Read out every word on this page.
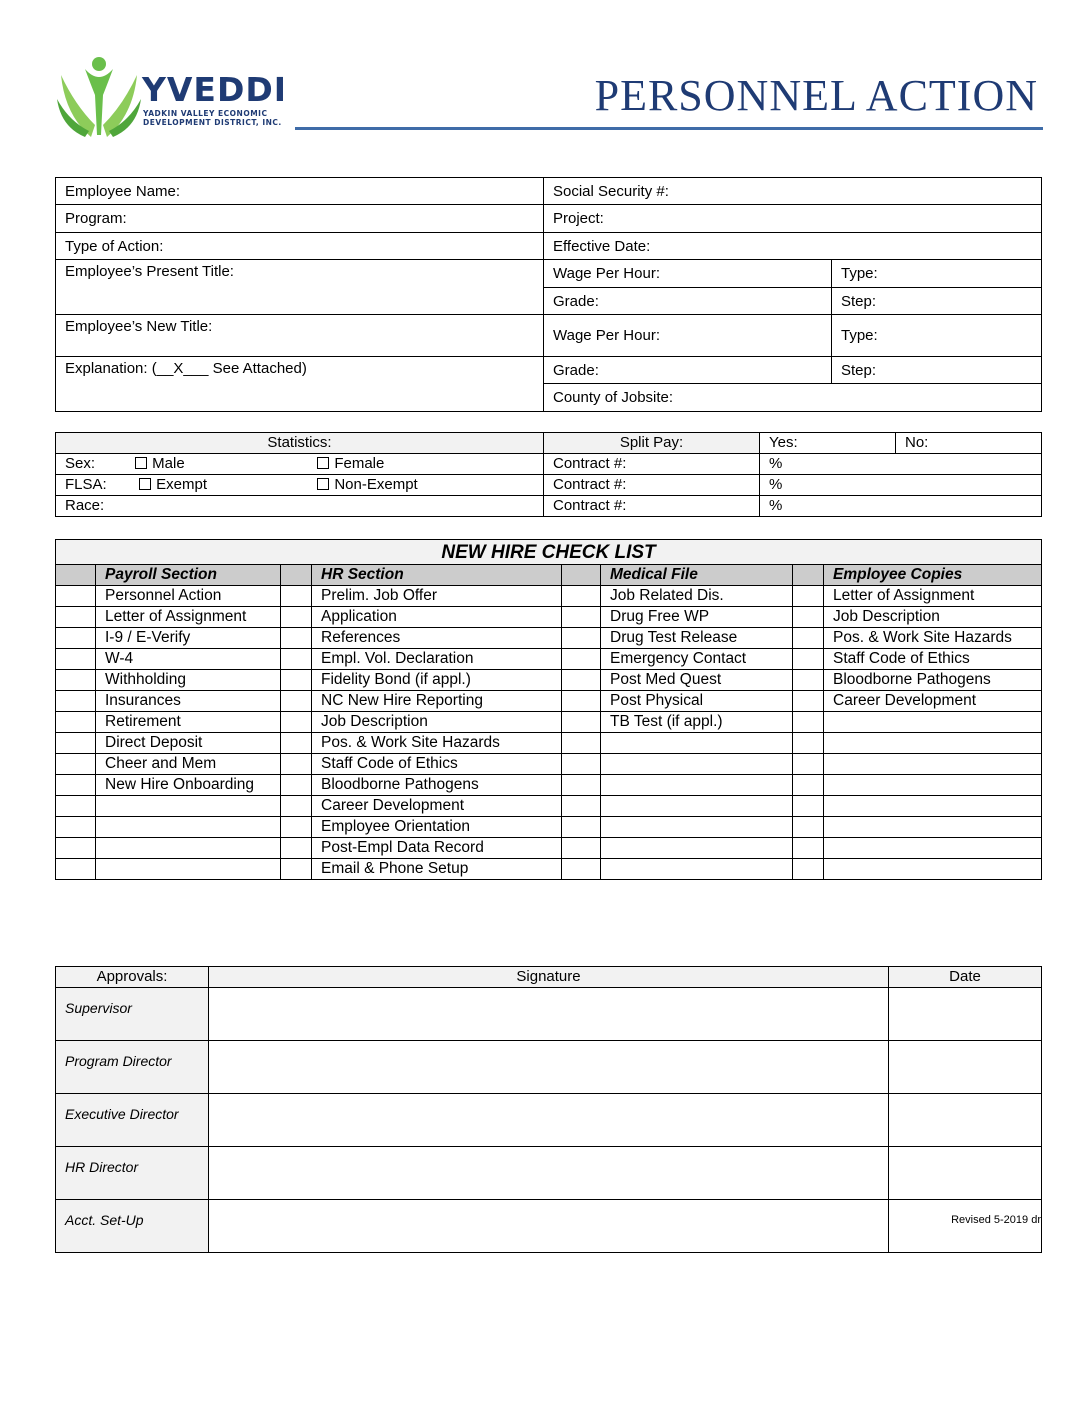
YVEDDI
YADKIN VALLEY ECONOMIC
DEVELOPMENT DISTRICT, INC.
PERSONNEL ACTION
Employee Name:	Social Security #:	
Program:	Project:	
Type of Action:	Effective Date:	
Employee’s Present Title:	Wage Per Hour:	Type:
	Grade:	Step:
Employee’s New Title:	Wage Per Hour:	Type:
Explanation: (__X___ See Attached)	Grade:	Step:
	County of Jobsite:	
Statistics:	Split Pay:	Yes:	No:
Sex: Male Female	Contract #:	%	
FLSA: Exempt Non-Exempt	Contract #:	%	
Race:	Contract #:	%	
NEW HIRE CHECK LIST							
	Payroll Section		HR Section		Medical File		Employee Copies
	Personnel Action		Prelim. Job Offer		Job Related Dis.		Letter of Assignment
	Letter of Assignment		Application		Drug Free WP		Job Description
	I-9 / E-Verify		References		Drug Test Release		Pos. & Work Site Hazards
	W-4		Empl. Vol. Declaration		Emergency Contact		Staff Code of Ethics
	Withholding		Fidelity Bond (if appl.)		Post Med Quest		Bloodborne Pathogens
	Insurances		NC New Hire Reporting		Post Physical		Career Development
	Retirement		Job Description		TB Test (if appl.)		
	Direct Deposit		Pos. & Work Site Hazards				
	Cheer and Mem		Staff Code of Ethics				
	New Hire Onboarding		Bloodborne Pathogens				
			Career Development				
			Employee Orientation				
			Post-Empl Data Record				
			Email & Phone Setup				
Approvals:	Signature	Date
Supervisor		
Program Director		
Executive Director		
HR Director		
Acct. Set-Up			Revised 5-2019 dr
